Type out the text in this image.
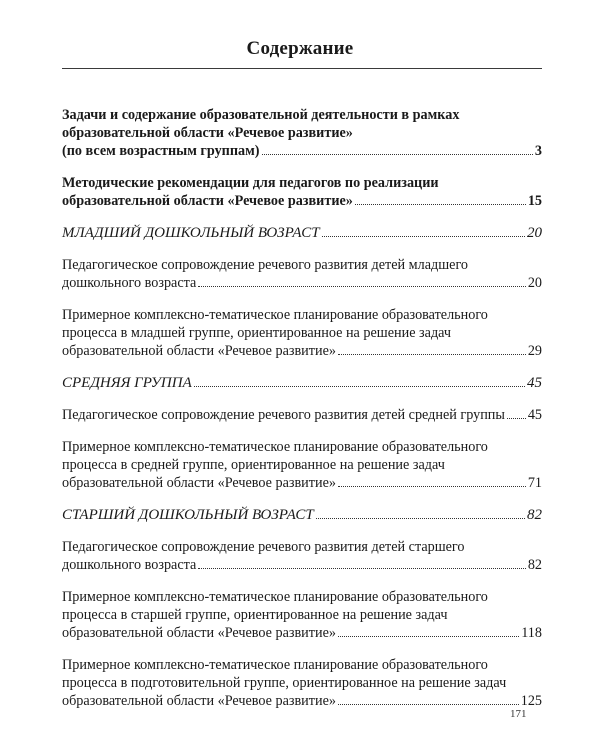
Содержание
Задачи и содержание образовательной деятельности в рамках
образовательной области «Речевое развитие»
(по всем возрастным группам)	3
Методические рекомендации для педагогов по реализации
образовательной области «Речевое развитие»	15
МЛАДШИЙ ДОШКОЛЬНЫЙ ВОЗРАСТ	20
Педагогическое сопровождение речевого развития детей младшего
дошкольного возраста	20
Примерное комплексно-тематическое планирование образовательного
процесса в младшей группе, ориентированное на решение задач
образовательной области «Речевое развитие»	29
СРЕДНЯЯ ГРУППА	45
Педагогическое сопровождение речевого развития детей средней группы 45
Примерное комплексно-тематическое планирование образовательного
процесса в средней группе, ориентированное на решение задач
образовательной области «Речевое развитие»	71
СТАРШИЙ ДОШКОЛЬНЫЙ ВОЗРАСТ	82
Педагогическое сопровождение речевого развития детей старшего
дошкольного возраста	82
Примерное комплексно-тематическое планирование образовательного
процесса в старшей группе, ориентированное на решение задач
образовательной области «Речевое развитие»	118
Примерное комплексно-тематическое планирование образовательного
процесса в подготовительной группе, ориентированное на решение задач
образовательной области «Речевое развитие»	125
171
